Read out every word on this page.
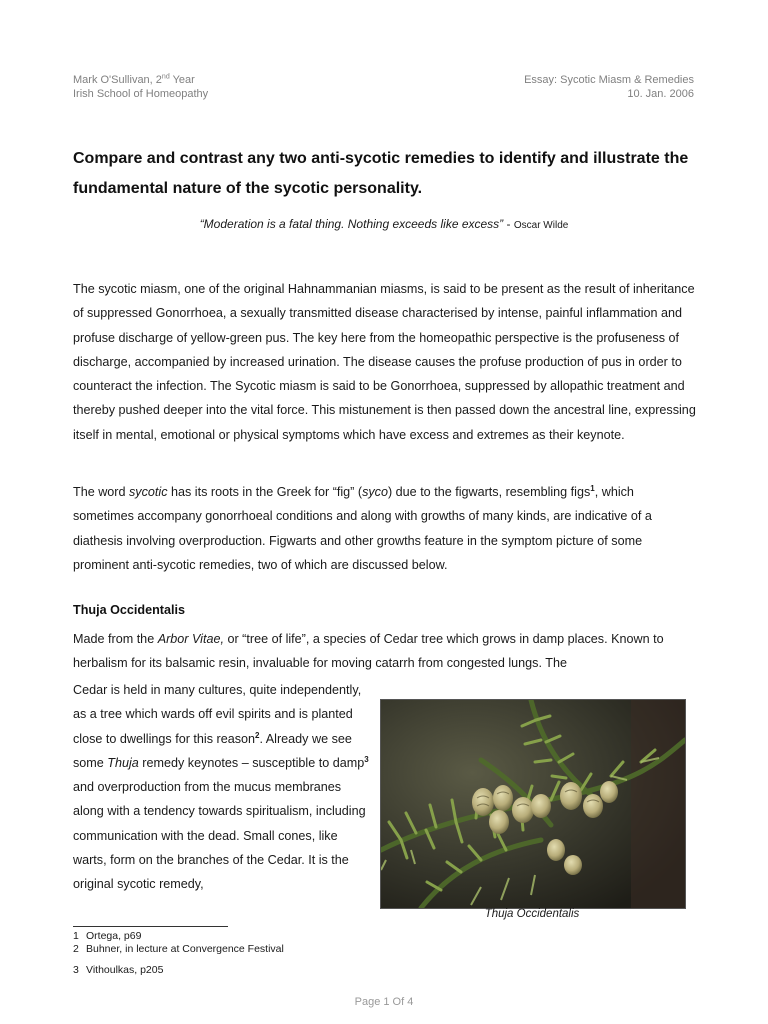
Mark O'Sullivan, 2nd Year
Irish School of Homeopathy
Essay: Sycotic Miasm & Remedies
10. Jan. 2006
Compare and contrast any two anti-sycotic remedies to identify and illustrate the fundamental nature of the sycotic personality.
“Moderation is a fatal thing. Nothing exceeds like excess” - Oscar Wilde
The sycotic miasm, one of the original Hahnammanian miasms, is said to be present as the result of inheritance of suppressed Gonorrhoea, a sexually transmitted disease characterised by intense, painful inflammation and profuse discharge of yellow-green pus. The key here from the homeopathic perspective is the profuseness of discharge, accompanied by increased urination. The disease causes the profuse production of pus in order to counteract the infection. The Sycotic miasm is said to be Gonorrhoea, suppressed by allopathic treatment and thereby pushed deeper into the vital force. This mistunement is then passed down the ancestral line, expressing itself in mental, emotional or physical symptoms which have excess and extremes as their keynote.
The word sycotic has its roots in the Greek for “fig” (syco) due to the figwarts, resembling figs$^1$, which sometimes accompany gonorrhoeal conditions and along with growths of many kinds, are indicative of a diathesis involving overproduction. Figwarts and other growths feature in the symptom picture of some prominent anti-sycotic remedies, two of which are discussed below.
Thuja Occidentalis
Made from the Arbor Vitae, or “tree of life”, a species of Cedar tree which grows in damp places. Known to herbalism for its balsamic resin, invaluable for moving catarrh from congested lungs. The
Cedar is held in many cultures, quite independently, as a tree which wards off evil spirits and is planted close to dwellings for this reason$^2$. Already we see some Thuja remedy keynotes – susceptible to damp$^3$ and overproduction from the mucus membranes along with a tendency towards spiritualism, including communication with the dead. Small cones, like warts, form on the branches of the Cedar. It is the original sycotic remedy,
Thuja Occidentalis
1 Ortega, p69
2 Buhner, in lecture at Convergence Festival
3 Vithoulkas, p205
Page 1 Of 4
